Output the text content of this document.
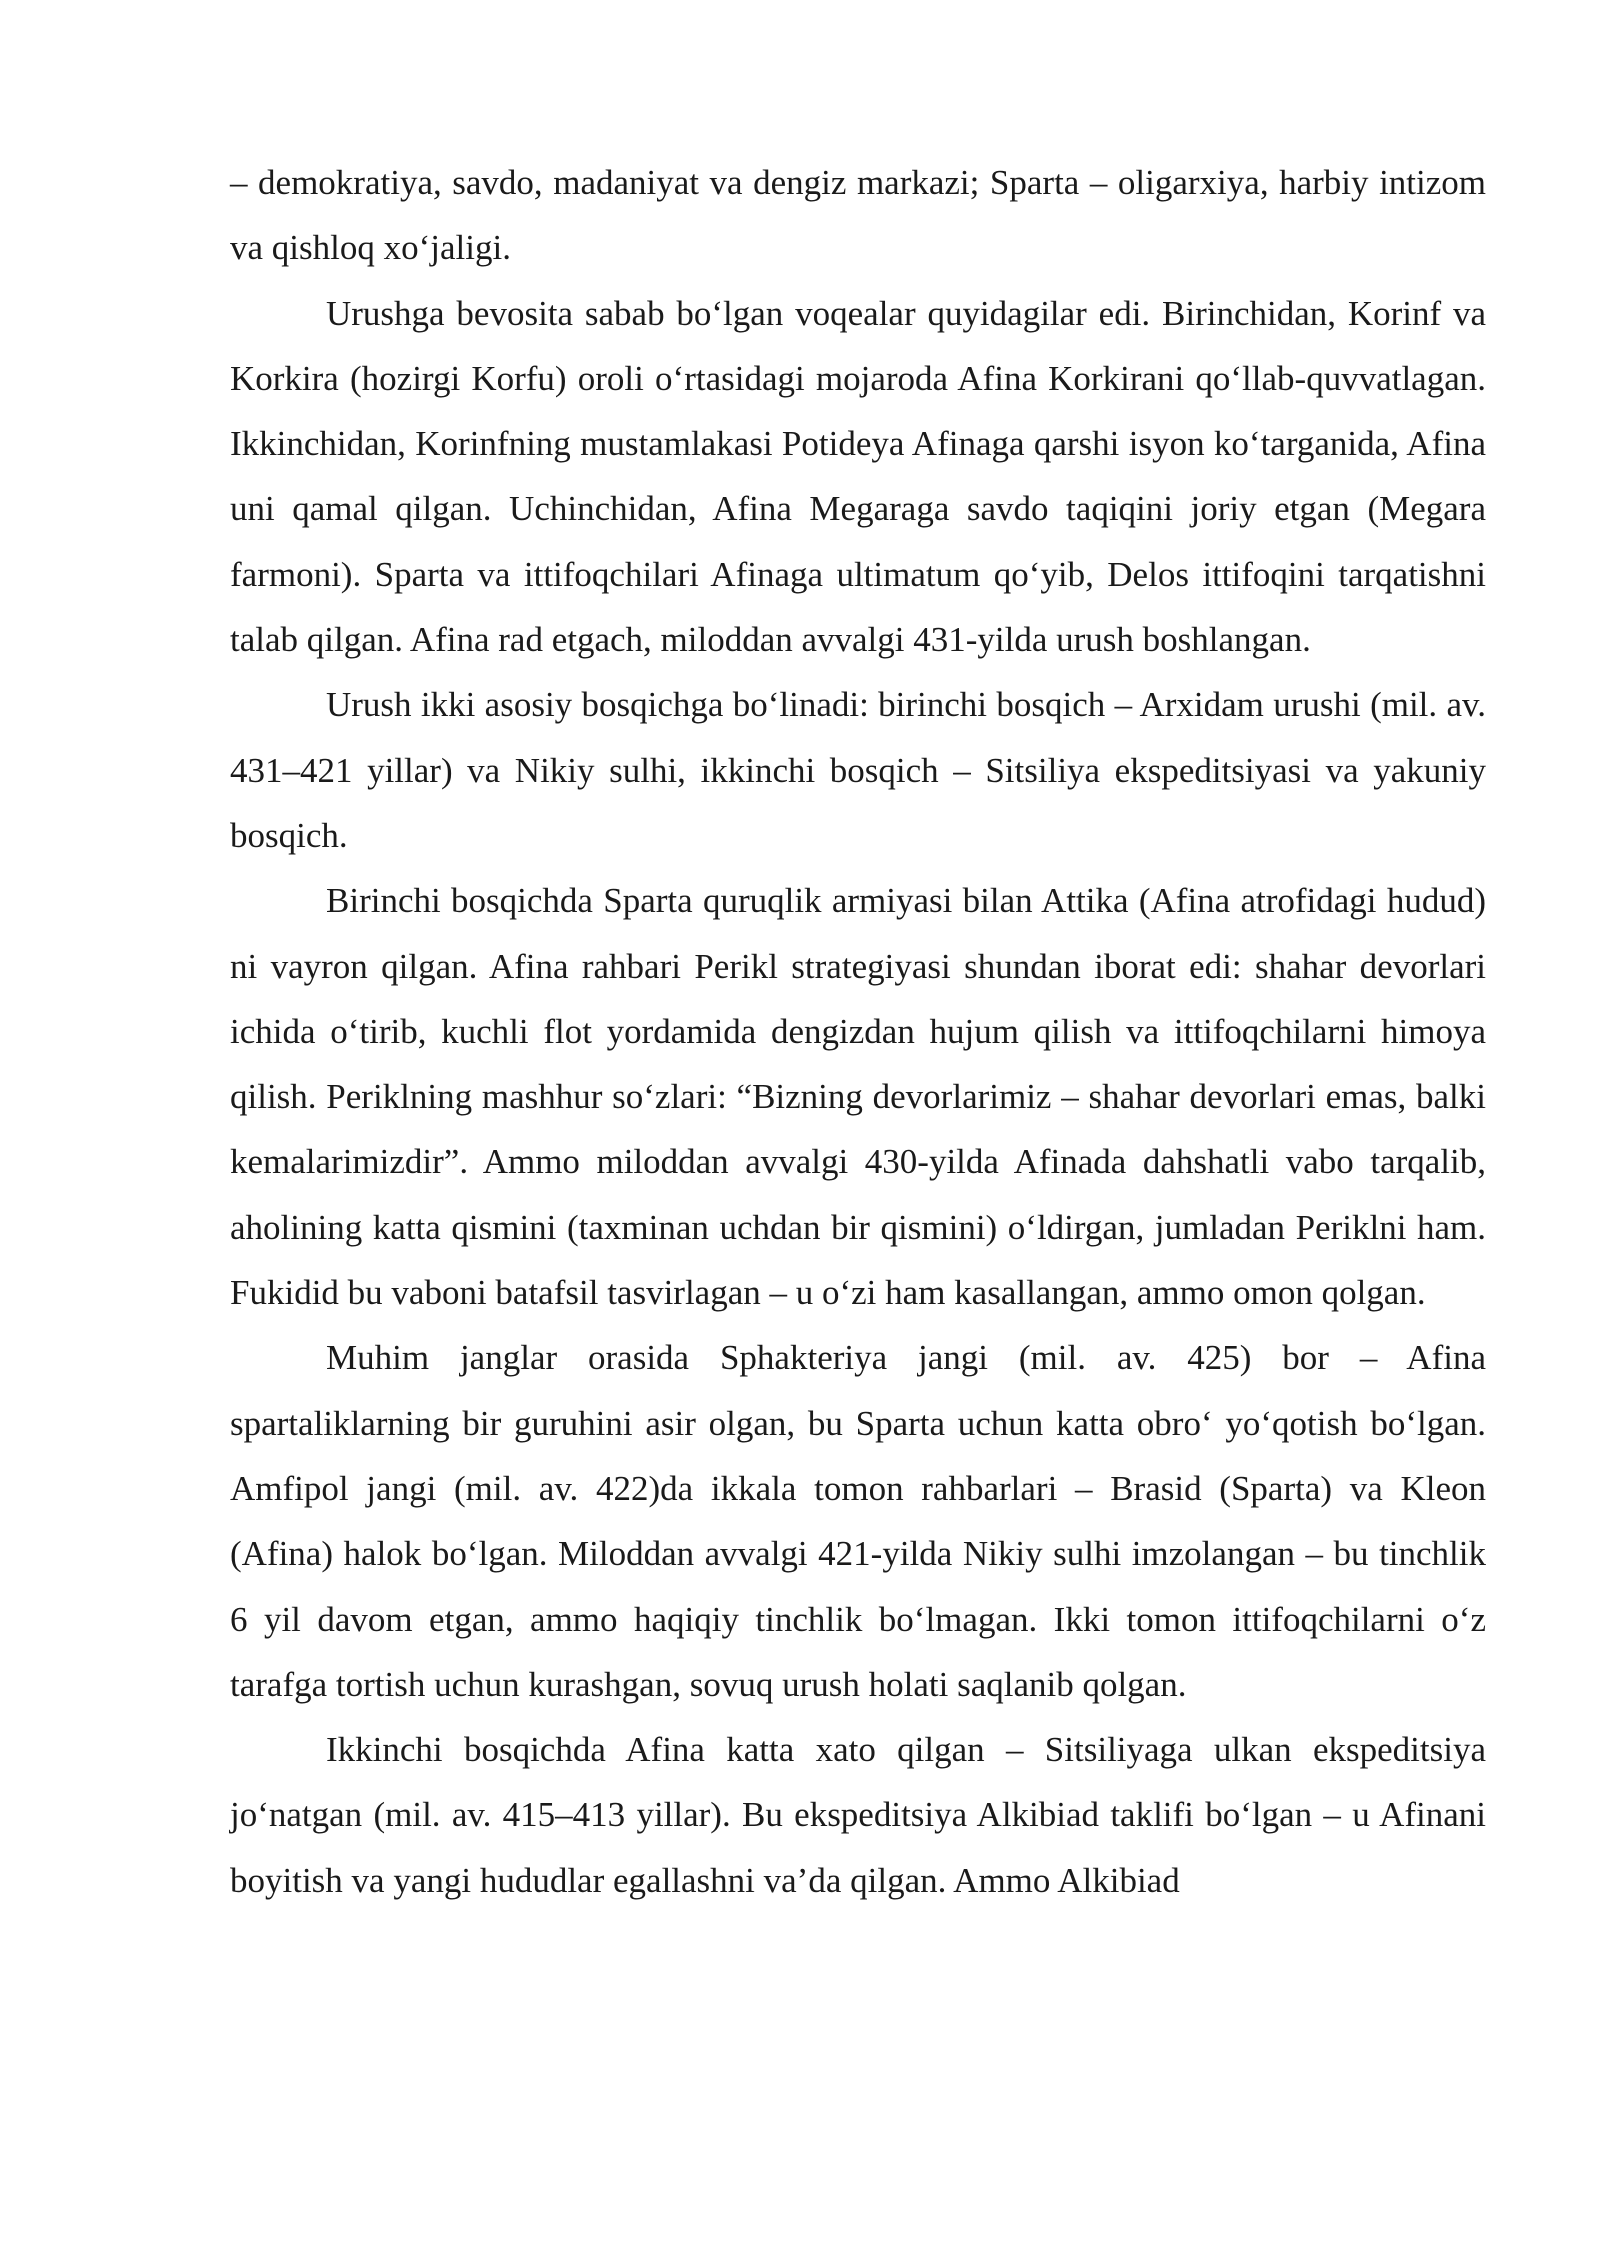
– demokratiya, savdo, madaniyat va dengiz markazi; Sparta – oligarxiya, harbiy intizom va qishloq xo‘jaligi.

Urushga bevosita sabab bo‘lgan voqealar quyidagilar edi. Birinchidan, Korinf va Korkira (hozirgi Korfu) oroli o‘rtasidagi mojaroda Afina Korkirani qo‘llab-quvvatlagan. Ikkinchidan, Korinfning mustamlakasi Potideya Afinaga qarshi isyon ko‘targanida, Afina uni qamal qilgan. Uchinchidan, Afina Megaraga savdo taqiqini joriy etgan (Megara farmoni). Sparta va ittifoqchilari Afinaga ultimatum qo‘yib, Delos ittifoqini tarqatishni talab qilgan. Afina rad etgach, miloddan avvalgi 431-yilda urush boshlangan.

Urush ikki asosiy bosqichga bo‘linadi: birinchi bosqich – Arxidam urushi (mil. av. 431–421 yillar) va Nikiy sulhi, ikkinchi bosqich – Sitsiliya ekspeditsiyasi va yakuniy bosqich.

Birinchi bosqichda Sparta quruqlik armiyasi bilan Attika (Afina atrofidagi hudud) ni vayron qilgan. Afina rahbari Perikl strategiyasi shundan iborat edi: shahar devorlari ichida o‘tirib, kuchli flot yordamida dengizdan hujum qilish va ittifoqchilarni himoya qilish. Periklning mashhur so‘zlari: “Bizning devorlarimiz – shahar devorlari emas, balki kemalarimizdir”. Ammo miloddan avvalgi 430-yilda Afinada dahshatli vabo tarqalib, aholining katta qismini (taxminan uchdan bir qismini) o‘ldirgan, jumladan Periklni ham. Fukidid bu vaboni batafsil tasvirlagan – u o‘zi ham kasallangan, ammo omon qolgan.

Muhim janglar orasida Sphakteriya jangi (mil. av. 425) bor – Afina spartaliklarning bir guruhini asir olgan, bu Sparta uchun katta obro‘ yo‘qotish bo‘lgan. Amfipol jangi (mil. av. 422)da ikkala tomon rahbarlari – Brasid (Sparta) va Kleon (Afina) halok bo‘lgan. Miloddan avvalgi 421-yilda Nikiy sulhi imzolangan – bu tinchlik 6 yil davom etgan, ammo haqiqiy tinchlik bo‘lmagan. Ikki tomon ittifoqchilarni o‘z tarafga tortish uchun kurashgan, sovuq urush holati saqlanib qolgan.

Ikkinchi bosqichda Afina katta xato qilgan – Sitsiliyaga ulkan ekspeditsiya jo‘natgan (mil. av. 415–413 yillar). Bu ekspeditsiya Alkibiad taklifi bo‘lgan – u Afinani boyitish va yangi hududlar egallashni va’da qilgan. Ammo Alkibiad
